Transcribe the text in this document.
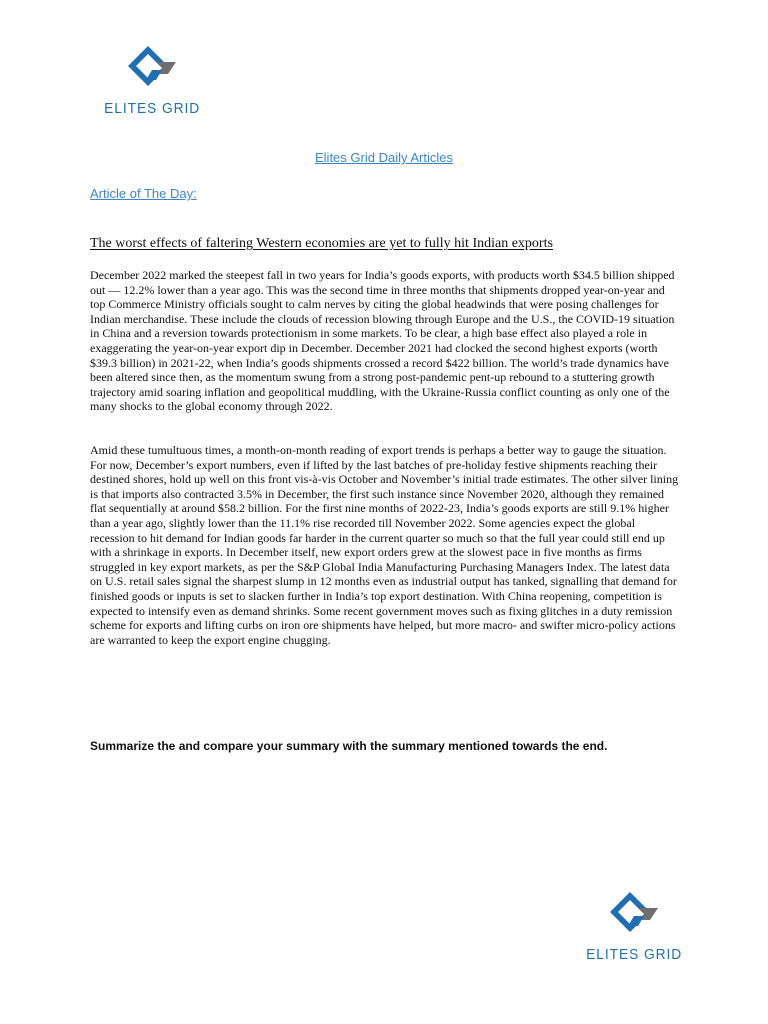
ELITES GRID
Elites Grid Daily Articles
Article of The Day:
The worst effects of faltering Western economies are yet to fully hit Indian exports

December 2022 marked the steepest fall in two years for India’s goods exports, with products worth $34.5 billion shipped out — 12.2% lower than a year ago. This was the second time in three months that shipments dropped year-on-year and top Commerce Ministry officials sought to calm nerves by citing the global headwinds that were posing challenges for Indian merchandise. These include the clouds of recession blowing through Europe and the U.S., the COVID-19 situation in China and a reversion towards protectionism in some markets. To be clear, a high base effect also played a role in exaggerating the year-on-year export dip in December. December 2021 had clocked the second highest exports (worth $39.3 billion) in 2021-22, when India’s goods shipments crossed a record $422 billion. The world’s trade dynamics have been altered since then, as the momentum swung from a strong post-pandemic pent-up rebound to a stuttering growth trajectory amid soaring inflation and geopolitical muddling, with the Ukraine-Russia conflict counting as only one of the many shocks to the global economy through 2022.

Amid these tumultuous times, a month-on-month reading of export trends is perhaps a better way to gauge the situation. For now, December’s export numbers, even if lifted by the last batches of pre-holiday festive shipments reaching their destined shores, hold up well on this front vis-à-vis October and November’s initial trade estimates. The other silver lining is that imports also contracted 3.5% in December, the first such instance since November 2020, although they remained flat sequentially at around $58.2 billion. For the first nine months of 2022-23, India’s goods exports are still 9.1% higher than a year ago, slightly lower than the 11.1% rise recorded till November 2022. Some agencies expect the global recession to hit demand for Indian goods far harder in the current quarter so much so that the full year could still end up with a shrinkage in exports. In December itself, new export orders grew at the slowest pace in five months as firms struggled in key export markets, as per the S&P Global India Manufacturing Purchasing Managers Index. The latest data on U.S. retail sales signal the sharpest slump in 12 months even as industrial output has tanked, signalling that demand for finished goods or inputs is set to slacken further in India’s top export destination. With China reopening, competition is expected to intensify even as demand shrinks. Some recent government moves such as fixing glitches in a duty remission scheme for exports and lifting curbs on iron ore shipments have helped, but more macro- and swifter micro-policy actions are warranted to keep the export engine chugging.

Summarize the and compare your summary with the summary mentioned towards the end.
ELITES GRID
